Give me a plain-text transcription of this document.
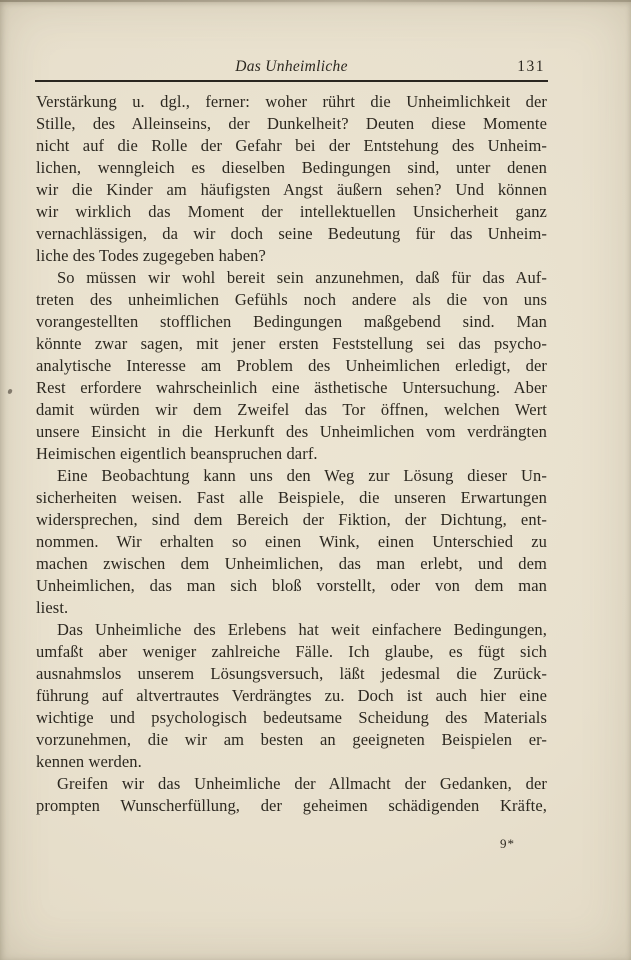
Das Unheimliche	131
Verstärkung u. dgl., ferner: woher rührt die Unheimlichkeit der
Stille, des Alleinseins, der Dunkelheit? Deuten diese Momente
nicht auf die Rolle der Gefahr bei der Entstehung des Unheim-
lichen, wenngleich es dieselben Bedingungen sind, unter denen
wir die Kinder am häufigsten Angst äußern sehen? Und können
wir wirklich das Moment der intellektuellen Unsicherheit ganz
vernachlässigen, da wir doch seine Bedeutung für das Unheim-
liche des Todes zugegeben haben?
So müssen wir wohl bereit sein anzunehmen, daß für das Auf-
treten des unheimlichen Gefühls noch andere als die von uns
vorangestellten stofflichen Bedingungen maßgebend sind. Man
könnte zwar sagen, mit jener ersten Feststellung sei das psycho-
analytische Interesse am Problem des Unheimlichen erledigt, der
Rest erfordere wahrscheinlich eine ästhetische Untersuchung. Aber
damit würden wir dem Zweifel das Tor öffnen, welchen Wert
unsere Einsicht in die Herkunft des Unheimlichen vom verdrängten
Heimischen eigentlich beanspruchen darf.
Eine Beobachtung kann uns den Weg zur Lösung dieser Un-
sicherheiten weisen. Fast alle Beispiele, die unseren Erwartungen
widersprechen, sind dem Bereich der Fiktion, der Dichtung, ent-
nommen. Wir erhalten so einen Wink, einen Unterschied zu
machen zwischen dem Unheimlichen, das man erlebt, und dem
Unheimlichen, das man sich bloß vorstellt, oder von dem man
liest.
Das Unheimliche des Erlebens hat weit einfachere Bedingungen,
umfaßt aber weniger zahlreiche Fälle. Ich glaube, es fügt sich
ausnahmslos unserem Lösungsversuch, läßt jedesmal die Zurück-
führung auf altvertrautes Verdrängtes zu. Doch ist auch hier eine
wichtige und psychologisch bedeutsame Scheidung des Materials
vorzunehmen, die wir am besten an geeigneten Beispielen er-
kennen werden.
Greifen wir das Unheimliche der Allmacht der Gedanken, der
prompten Wunscherfüllung, der geheimen schädigenden Kräfte,
9*
